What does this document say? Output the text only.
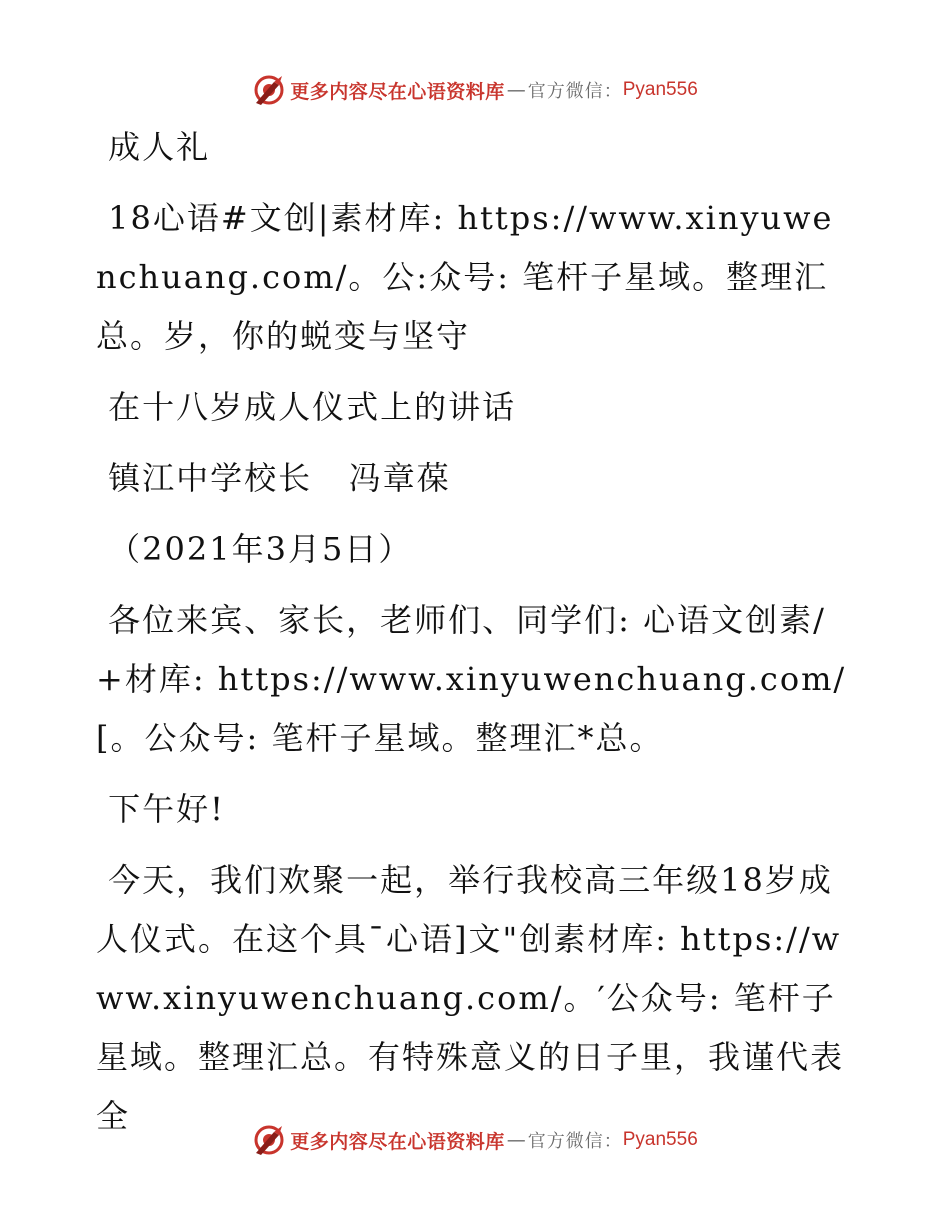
更多内容尽在心语资料库 — 官方微信： Pyan556

成人礼

18心语#文创|素材库: https://www.xinyuwenchuang.com/。公:众号: 笔杆子星域。整理汇总。岁，你的蜕变与坚守

在十八岁成人仪式上的讲话

镇江中学校长   冯章葆

（2021年3月5日）

各位来宾、家长，老师们、同学们: 心语文创素/+材库: https://www.xinyuwenchuang.com/[。公众号: 笔杆子星域。整理汇*总。

下午好!

今天，我们欢聚一起，举行我校高三年级18岁成人仪式。在这个具¯心语]文"创素材库: https://www.xinyuwenchuang.com/。′公众号: 笔杆子星域。整理汇总。有特殊意义的日子里，我谨代表全

更多内容尽在心语资料库 — 官方微信： Pyan556
